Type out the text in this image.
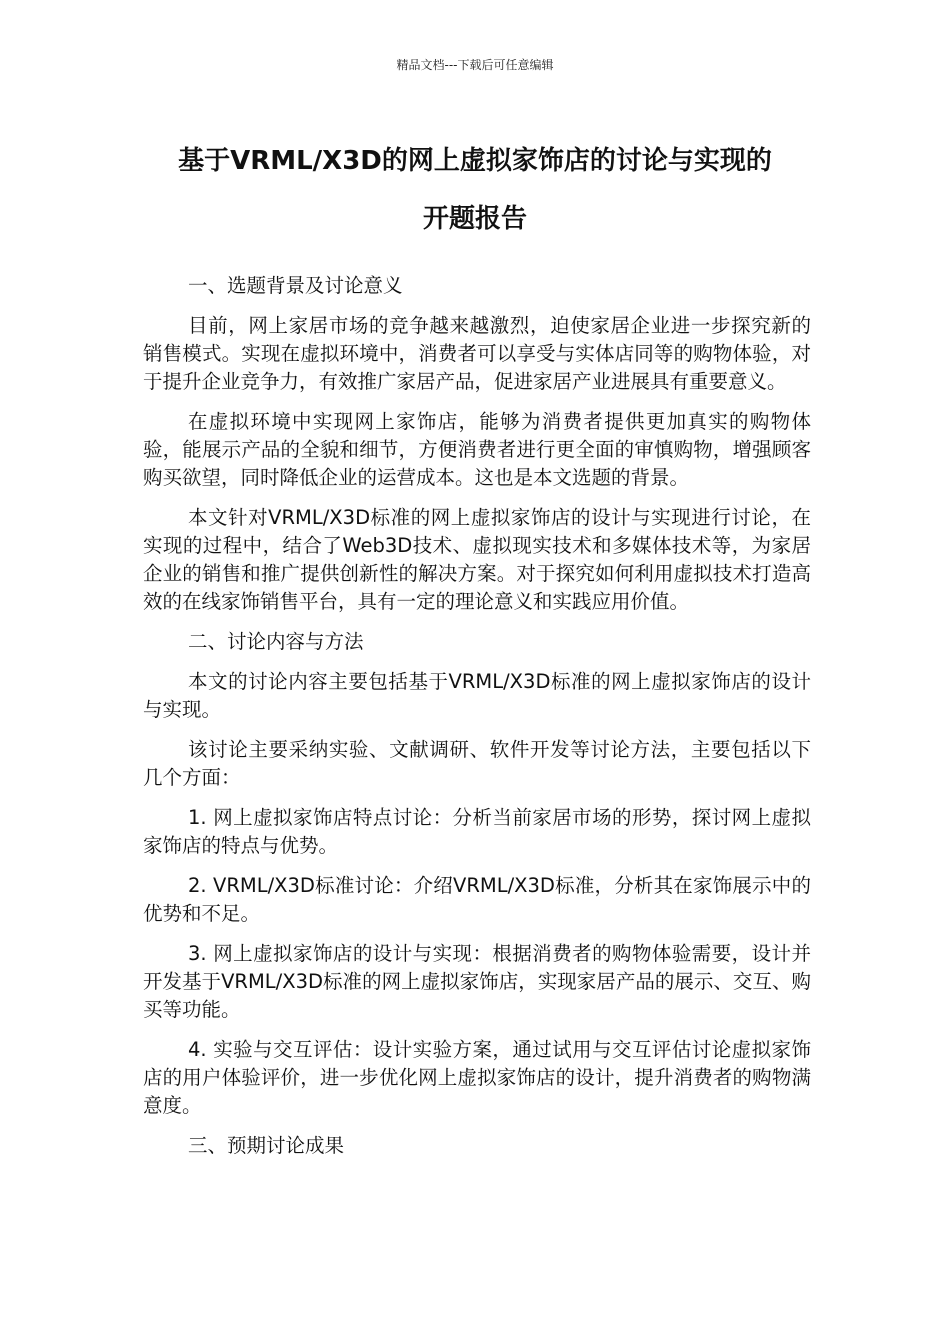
精品文档---下载后可任意编辑
基于VRML/X3D的网上虚拟家饰店的讨论与实现的
开题报告

一、选题背景及讨论意义

目前，网上家居市场的竞争越来越激烈，迫使家居企业进一步探究新的销售模式。实现在虚拟环境中，消费者可以享受与实体店同等的购物体验，对于提升企业竞争力，有效推广家居产品，促进家居产业进展具有重要意义。

在虚拟环境中实现网上家饰店，能够为消费者提供更加真实的购物体验，能展示产品的全貌和细节，方便消费者进行更全面的审慎购物，增强顾客购买欲望，同时降低企业的运营成本。这也是本文选题的背景。

本文针对VRML/X3D标准的网上虚拟家饰店的设计与实现进行讨论，在实现的过程中，结合了Web3D技术、虚拟现实技术和多媒体技术等，为家居企业的销售和推广提供创新性的解决方案。对于探究如何利用虚拟技术打造高效的在线家饰销售平台，具有一定的理论意义和实践应用价值。

二、讨论内容与方法

本文的讨论内容主要包括基于VRML/X3D标准的网上虚拟家饰店的设计与实现。

该讨论主要采纳实验、文献调研、软件开发等讨论方法，主要包括以下几个方面：

1. 网上虚拟家饰店特点讨论：分析当前家居市场的形势，探讨网上虚拟家饰店的特点与优势。

2. VRML/X3D标准讨论：介绍VRML/X3D标准，分析其在家饰展示中的优势和不足。

3. 网上虚拟家饰店的设计与实现：根据消费者的购物体验需要，设计并开发基于VRML/X3D标准的网上虚拟家饰店，实现家居产品的展示、交互、购买等功能。

4. 实验与交互评估：设计实验方案，通过试用与交互评估讨论虚拟家饰店的用户体验评价，进一步优化网上虚拟家饰店的设计，提升消费者的购物满意度。

三、预期讨论成果
